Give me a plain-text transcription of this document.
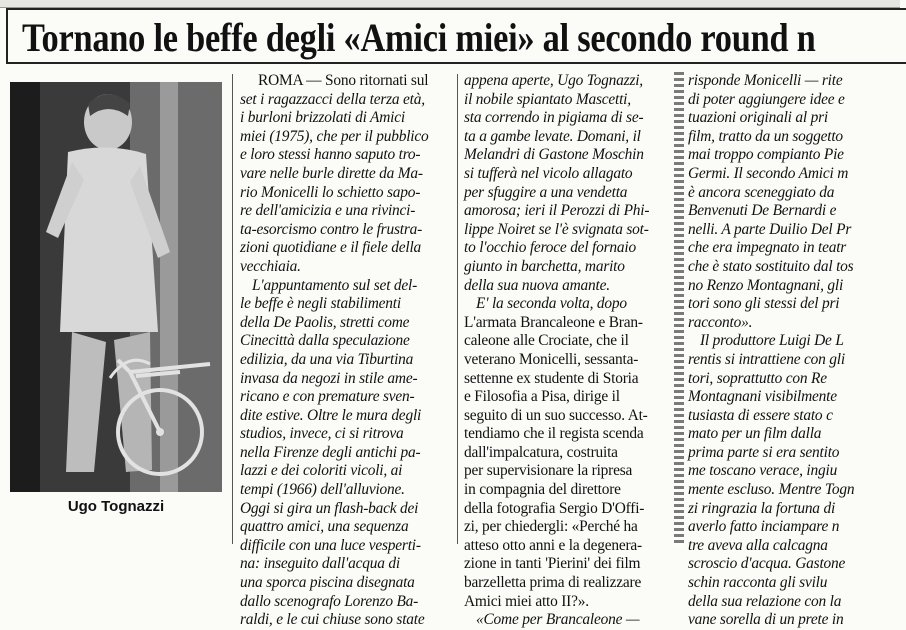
Tornano le beffe degli «Amici miei» al secondo round n
Ugo Tognazzi
ROMA — Sono ritornati sul
set i ragazzacci della terza età,
i burloni brizzolati di Amici
miei (1975), che per il pubblico
e loro stessi hanno saputo tro-
vare nelle burle dirette da Ma-
rio Monicelli lo schietto sapo-
re dell'amicizia e una rivinci-
ta-esorcismo contro le frustra-
zioni quotidiane e il fiele della
vecchiaia.
L'appuntamento sul set del-
le beffe è negli stabilimenti
della De Paolis, stretti come
Cinecittà dalla speculazione
edilizia, da una via Tiburtina
invasa da negozi in stile ame-
ricano e con premature sven-
dite estive. Oltre le mura degli
studios, invece, ci si ritrova
nella Firenze degli antichi pa-
lazzi e dei coloriti vicoli, ai
tempi (1966) dell'alluvione.
Oggi si gira un flash-back dei
quattro amici, una sequenza
difficile con una luce vesperti-
na: inseguito dall'acqua di
una sporca piscina disegnata
dallo scenografo Lorenzo Ba-
raldi, e le cui chiuse sono state
appena aperte, Ugo Tognazzi,
il nobile spiantato Mascetti,
sta correndo in pigiama di se-
ta a gambe levate. Domani, il
Melandri di Gastone Moschin
si tufferà nel vicolo allagato
per sfuggire a una vendetta
amorosa; ieri il Perozzi di Phi-
lippe Noiret se l'è svignata sot-
to l'occhio feroce del fornaio
giunto in barchetta, marito
della sua nuova amante.
E' la seconda volta, dopo
L'armata Brancaleone e Bran-
caleone alle Crociate, che il
veterano Monicelli, sessanta-
settenne ex studente di Storia
e Filosofia a Pisa, dirige il
seguito di un suo successo. At-
tendiamo che il regista scenda
dall'impalcatura, costruita
per supervisionare la ripresa
in compagnia del direttore
della fotografia Sergio D'Offi-
zi, per chiedergli: «Perché ha
atteso otto anni e la degenera-
zione in tanti 'Pierini' dei film
barzelletta prima di realizzare
Amici miei atto II?».
«Come per Brancaleone —
risponde Monicelli — rite
di poter aggiungere idee e
tuazioni originali al pri
film, tratto da un soggetto
mai troppo compianto Pie
Germi. Il secondo Amici m
è ancora sceneggiato da
Benvenuti De Bernardi e
nelli. A parte Duilio Del Pr
che era impegnato in teatr
che è stato sostituito dal tos
no Renzo Montagnani, gli
tori sono gli stessi del pri
racconto».
Il produttore Luigi De L
rentis si intrattiene con gli
tori, soprattutto con Re
Montagnani visibilmente
tusiasta di essere stato c
mato per un film dalla
prima parte si era sentito
me toscano verace, ingiu
mente escluso. Mentre Togn
zi ringrazia la fortuna di
averlo fatto inciampare n
tre aveva alla calcagna
scroscio d'acqua. Gastone
schin racconta gli svilu
della sua relazione con la
vane sorella di un prete in
